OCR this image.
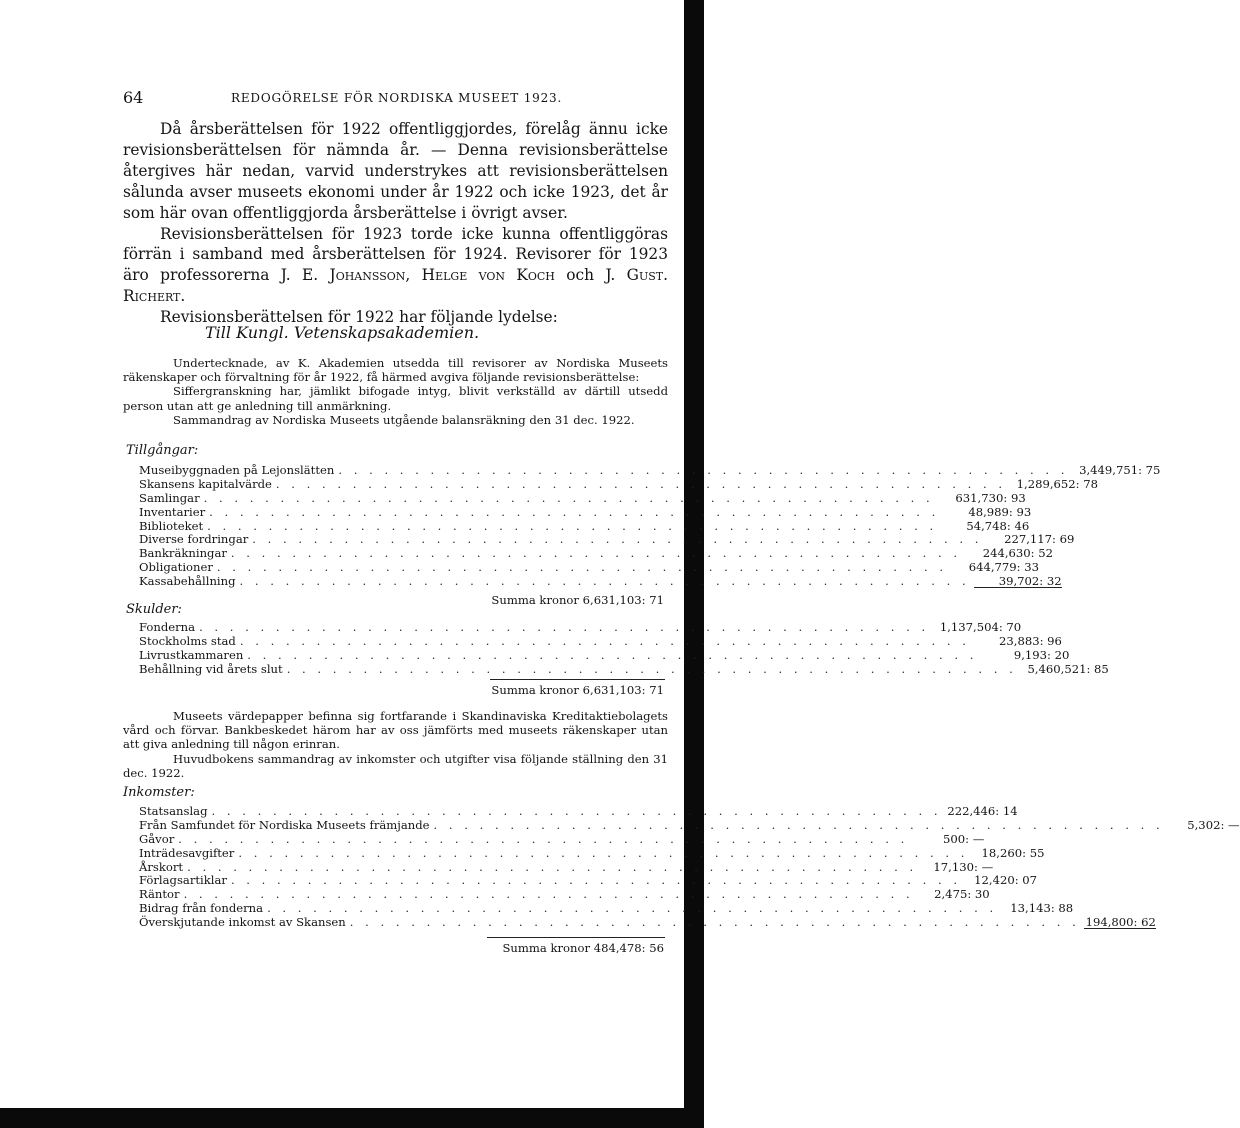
64	REDOGÖRELSE FÖR NORDISKA MUSEET 1923.

Då årsberättelsen för 1922 offentliggjordes, förelåg ännu icke revisionsberättelsen för nämnda år. — Denna revisionsberättelse återgives här nedan, varvid understrykes att revisionsberättelsen sålunda avser museets ekonomi under år 1922 och icke 1923, det år som här ovan offentliggjorda årsberättelse i övrigt avser.

Revisionsberättelsen för 1923 torde icke kunna offentliggöras förrän i samband med årsberättelsen för 1924. Revisorer för 1923 äro professorerna J. E. Johansson, Helge von Koch och J. Gust. Richert.

Revisionsberättelsen för 1922 har följande lydelse:

Till Kungl. Vetenskapsakademien.

Undertecknade, av K. Akademien utsedda till revisorer av Nordiska Museets räkenskaper och förvaltning för år 1922, få härmed avgiva följande revisionsberättelse:

Siffergranskning har, jämlikt bifogade intyg, blivit verkställd av därtill utsedd person utan att ge anledning till anmärkning.

Sammandrag av Nordiska Museets utgående balansräkning den 31 dec. 1922.

Tillgångar:
Museibyggnaden på Lejonslätten . . . . . . . . . . . . . . . . . . . . . . . . . . . . . . . . . . . . . . . . . . . . . . . . 3,449,751: 75
Skansens kapitalvärde . . . . . . . . . . . . . . . . . . . . . . . . . . . . . . . . . . . . . . . . . . . . . . . . 1,289,652: 78
Samlingar . . . . . . . . . . . . . . . . . . . . . . . . . . . . . . . . . . . . . . . . . . . . . . . .	631,730: 93
Inventarier . . . . . . . . . . . . . . . . . . . . . . . . . . . . . . . . . . . . . . . . . . . . . . . .	48,989: 93
Biblioteket . . . . . . . . . . . . . . . . . . . . . . . . . . . . . . . . . . . . . . . . . . . . . . . .	54,748: 46
Diverse fordringar . . . . . . . . . . . . . . . . . . . . . . . . . . . . . . . . . . . . . . . . . . . . . . . .	227,117: 69
Bankräkningar . . . . . . . . . . . . . . . . . . . . . . . . . . . . . . . . . . . . . . . . . . . . . . . .	244,630: 52
Obligationer . . . . . . . . . . . . . . . . . . . . . . . . . . . . . . . . . . . . . . . . . . . . . . . .	644,779: 33
Kassabehållning . . . . . . . . . . . . . . . . . . . . . . . . . . . . . . . . . . . . . . . . . . . . . . . .	39,702: 32
Summa kronor 6,631,103: 71
Skulder:
Fonderna . . . . . . . . . . . . . . . . . . . . . . . . . . . . . . . . . . . . . . . . . . . . . . . . 1,137,504: 70
Stockholms stad . . . . . . . . . . . . . . . . . . . . . . . . . . . . . . . . . . . . . . . . . . . . . . . .	23,883: 96
Livrustkammaren . . . . . . . . . . . . . . . . . . . . . . . . . . . . . . . . . . . . . . . . . . . . . . . .	9,193: 20
Behållning vid årets slut . . . . . . . . . . . . . . . . . . . . . . . . . . . . . . . . . . . . . . . . . . . . . . . . 5,460,521: 85
Summa kronor 6,631,103: 71

Museets värdepapper befinna sig fortfarande i Skandinaviska Kreditaktiebolagets vård och förvar. Bankbeskedet härom har av oss jämförts med museets räkenskaper utan att giva anledning till någon erinran.

Huvudbokens sammandrag av inkomster och utgifter visa följande ställning den 31 dec. 1922.

Inkomster:
Statsanslag . . . . . . . . . . . . . . . . . . . . . . . . . . . . . . . . . . . . . . . . . . . . . . . . 222,446: 14
Från Samfundet för Nordiska Museets främjande . . . . . . . . . . . . . . . . . . . . . . . . . . . . . . . . . . . . . . . . . . . . . . . .	5,302: —
Gåvor . . . . . . . . . . . . . . . . . . . . . . . . . . . . . . . . . . . . . . . . . . . . . . . .	500: —
Inträdesavgifter . . . . . . . . . . . . . . . . . . . . . . . . . . . . . . . . . . . . . . . . . . . . . . . .	18,260: 55
Årskort . . . . . . . . . . . . . . . . . . . . . . . . . . . . . . . . . . . . . . . . . . . . . . . .	17,130: —
Förlagsartiklar . . . . . . . . . . . . . . . . . . . . . . . . . . . . . . . . . . . . . . . . . . . . . . . .	12,420: 07
Räntor . . . . . . . . . . . . . . . . . . . . . . . . . . . . . . . . . . . . . . . . . . . . . . . .	2,475: 30
Bidrag från fonderna . . . . . . . . . . . . . . . . . . . . . . . . . . . . . . . . . . . . . . . . . . . . . . . .	13,143: 88
Överskjutande inkomst av Skansen . . . . . . . . . . . . . . . . . . . . . . . . . . . . . . . . . . . . . . . . . . . . . . . . 194,800: 62
Summa kronor 484,478: 56
